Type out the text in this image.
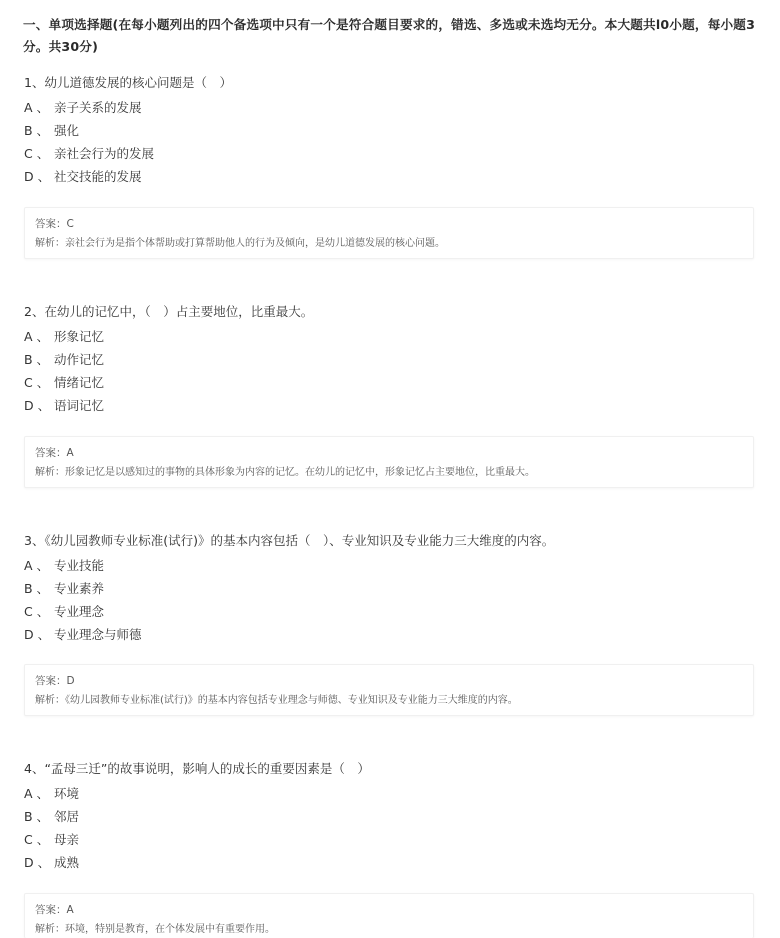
一、单项选择题(在每小题列出的四个备选项中只有一个是符合题目要求的，错选、多选或未选均无分。本大题共l0小题，每小题3分。共30分)
1、幼儿道德发展的核心问题是（　）
A 、 亲子关系的发展
B 、 强化
C 、 亲社会行为的发展
D 、 社交技能的发展
答案：C
解析：亲社会行为是指个体帮助或打算帮助他人的行为及倾向，是幼儿道德发展的核心问题。
2、在幼儿的记忆中，（　）占主要地位，比重最大。
A 、 形象记忆
B 、 动作记忆
C 、 情绪记忆
D 、 语词记忆
答案：A
解析：形象记忆是以感知过的事物的具体形象为内容的记忆。在幼儿的记忆中，形象记忆占主要地位，比重最大。
3、《幼儿园教师专业标准(试行)》的基本内容包括（　）、专业知识及专业能力三大维度的内容。
A 、 专业技能
B 、 专业素养
C 、 专业理念
D 、 专业理念与师德
答案：D
解析：《幼儿园教师专业标准(试行)》的基本内容包括专业理念与师德、专业知识及专业能力三大维度的内容。
4、“孟母三迁”的故事说明，影响人的成长的重要因素是（　）
A 、 环境
B 、 邻居
C 、 母亲
D 、 成熟
答案：A
解析：环境，特别是教育，在个体发展中有重要作用。
